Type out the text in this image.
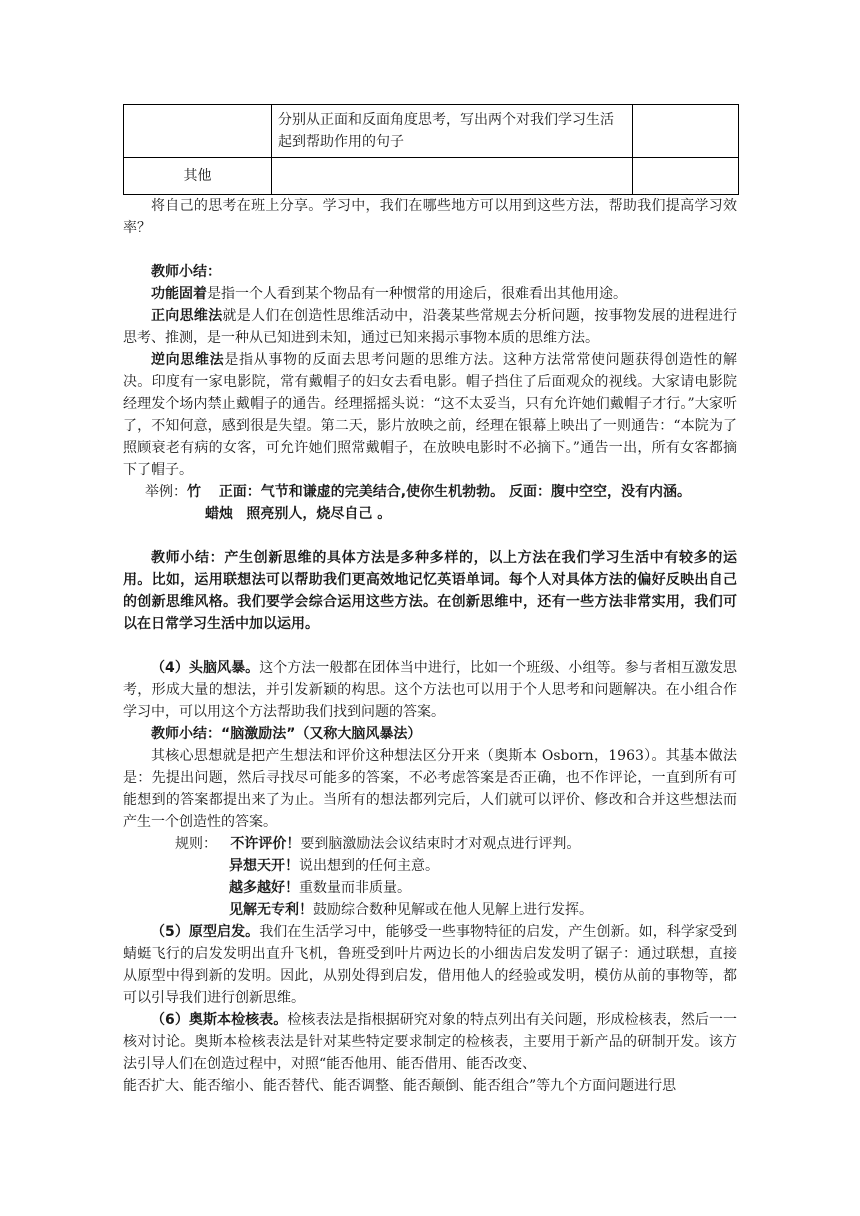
	分别从正面和反面角度思考，写出两个对我们学习生活起到帮助作用的句子	
其他		

将自己的思考在班上分享。学习中，我们在哪些地方可以用到这些方法，帮助我们提高学习效率？

教师小结：

功能固着是指一个人看到某个物品有一种惯常的用途后，很难看出其他用途。

正向思维法就是人们在创造性思维活动中，沿袭某些常规去分析问题，按事物发展的进程进行思考、推测，是一种从已知进到未知，通过已知来揭示事物本质的思维方法。

逆向思维法是指从事物的反面去思考问题的思维方法。这种方法常常使问题获得创造性的解决。印度有一家电影院，常有戴帽子的妇女去看电影。帽子挡住了后面观众的视线。大家请电影院经理发个场内禁止戴帽子的通告。经理摇摇头说：“这不太妥当，只有允许她们戴帽子才行。”大家听了，不知何意，感到很是失望。第二天，影片放映之前，经理在银幕上映出了一则通告：“本院为了照顾衰老有病的女客，可允许她们照常戴帽子，在放映电影时不必摘下。”通告一出，所有女客都摘下了帽子。

举例：竹 正面：气节和谦虚的完美结合,使你生机勃勃。 反面：腹中空空，没有内涵。

蜡烛 照亮别人，烧尽自己 。

教师小结：产生创新思维的具体方法是多种多样的，以上方法在我们学习生活中有较多的运用。比如，运用联想法可以帮助我们更高效地记忆英语单词。每个人对具体方法的偏好反映出自己的创新思维风格。我们要学会综合运用这些方法。在创新思维中，还有一些方法非常实用，我们可以在日常学习生活中加以运用。

（4）头脑风暴。这个方法一般都在团体当中进行，比如一个班级、小组等。参与者相互激发思考，形成大量的想法，并引发新颖的构思。这个方法也可以用于个人思考和问题解决。在小组合作学习中，可以用这个方法帮助我们找到问题的答案。

教师小结：“脑激励法”（又称大脑风暴法）

其核心思想就是把产生想法和评价这种想法区分开来（奥斯本 Osborn，1963）。其基本做法是：先提出问题，然后寻找尽可能多的答案，不必考虑答案是否正确，也不作评论，一直到所有可能想到的答案都提出来了为止。当所有的想法都列完后，人们就可以评价、修改和合并这些想法而产生一个创造性的答案。

规则： 不许评价！要到脑激励法会议结束时才对观点进行评判。

异想天开！说出想到的任何主意。

越多越好！重数量而非质量。

见解无专利！鼓励综合数种见解或在他人见解上进行发挥。

（5）原型启发。我们在生活学习中，能够受一些事物特征的启发，产生创新。如，科学家受到蜻蜓飞行的启发发明出直升飞机，鲁班受到叶片两边长的小细齿启发发明了锯子：通过联想，直接从原型中得到新的发明。因此，从别处得到启发，借用他人的经验或发明，模仿从前的事物等，都可以引导我们进行创新思维。

（6）奥斯本检核表。检核表法是指根据研究对象的特点列出有关问题，形成检核表，然后一一核对讨论。奥斯本检核表法是针对某些特定要求制定的检核表，主要用于新产品的研制开发。该方法引导人们在创造过程中，对照“能否他用、能否借用、能否改变、

能否扩大、能否缩小、能否替代、能否调整、能否颠倒、能否组合”等九个方面问题进行思
